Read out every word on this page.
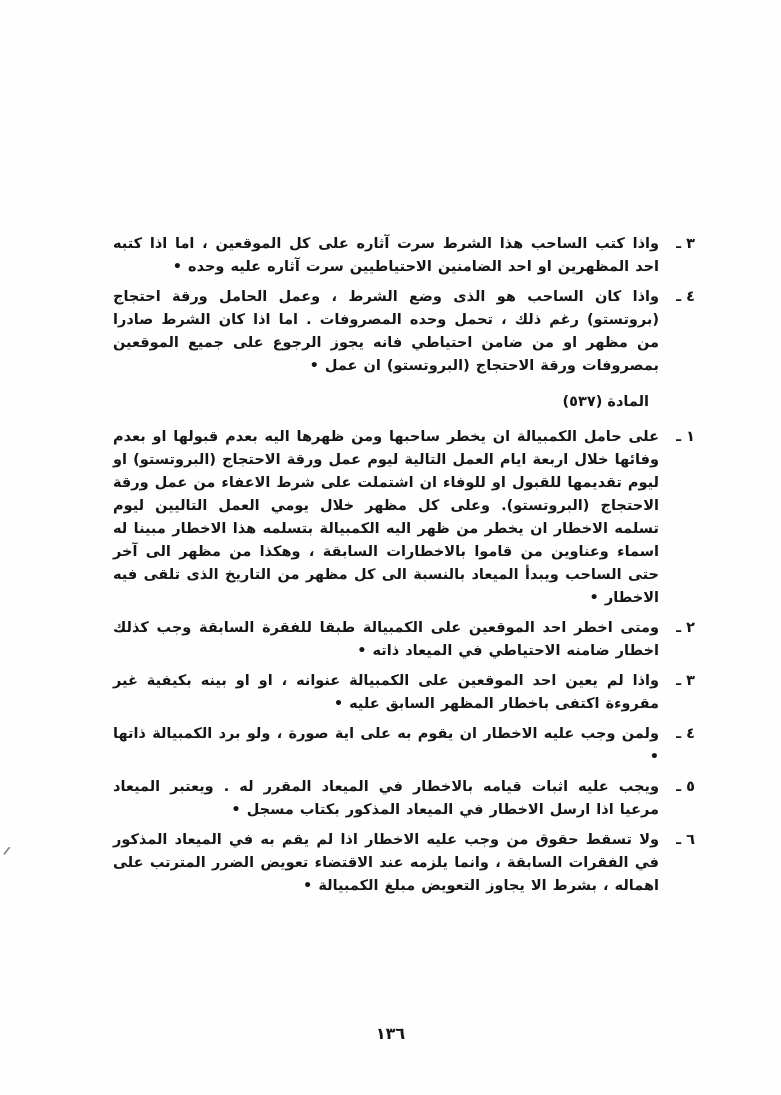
٣ ـ

واذا كتب الساحب هذا الشرط سرت آثاره على كل الموقعين ، اما اذا كتبه احد المظهرين او احد الضامنين الاحتياطيين سرت آثاره عليه وحده •

٤ ـ

واذا كان الساحب هو الذى وضع الشرط ، وعمل الحامل ورقة احتجاج (بروتستو) رغم ذلك ، تحمل وحده المصروفات . اما اذا كان الشرط صادرا من مظهر او من ضامن احتياطي فانه يجوز الرجوع على جميع الموقعين بمصروفات ورقة الاحتجاج (البروتستو) ان عمل •

المادة (٥٣٧)
١ ـ

على حامل الكمبيالة ان يخطر ساحبها ومن ظهرها اليه بعدم قبولها او بعدم وفائها خلال اربعة ايام العمل التالية ليوم عمل ورقة الاحتجاج (البروتستو) او ليوم تقديمها للقبول او للوفاء ان اشتملت على شرط الاعفاء من عمل ورقة الاحتجاج (البروتستو). وعلى كل مظهر خلال يومي العمل التاليين ليوم تسلمه الاخطار ان يخطر من ظهر اليه الكمبيالة بتسلمه هذا الاخطار مبينا له اسماء وعناوين من قاموا بالاخطارات السابقة ، وهكذا من مظهر الى آخر حتى الساحب ويبدأ الميعاد بالنسبة الى كل مظهر من التاريخ الذى تلقى فيه الاخطار •

٢ ـ

ومتى اخطر احد الموقعين على الكمبيالة طبقا للفقرة السابقة وجب كذلك اخطار ضامنه الاحتياطي في الميعاد ذاته •

٣ ـ

واذا لم يعين احد الموقعين على الكمبيالة عنوانه ، او او بينه بكيفية غير مقروءة اكتفى باخطار المظهر السابق عليه •

٤ ـ

ولمن وجب عليه الاخطار ان يقوم به على اية صورة ، ولو برد الكمبيالة ذاتها •

٥ ـ

ويجب عليه اثبات قيامه بالاخطار في الميعاد المقرر له . ويعتبر الميعاد مرعيا اذا ارسل الاخطار في الميعاد المذكور بكتاب مسجل •

٦ ـ

ولا تسقط حقوق من وجب عليه الاخطار اذا لم يقم به في الميعاد المذكور في الفقرات السابقة ، وانما يلزمه عند الاقتضاء تعويض الضرر المترتب على اهماله ، بشرط الا يجاوز التعويض مبلغ الكمبيالة •

١٣٦
